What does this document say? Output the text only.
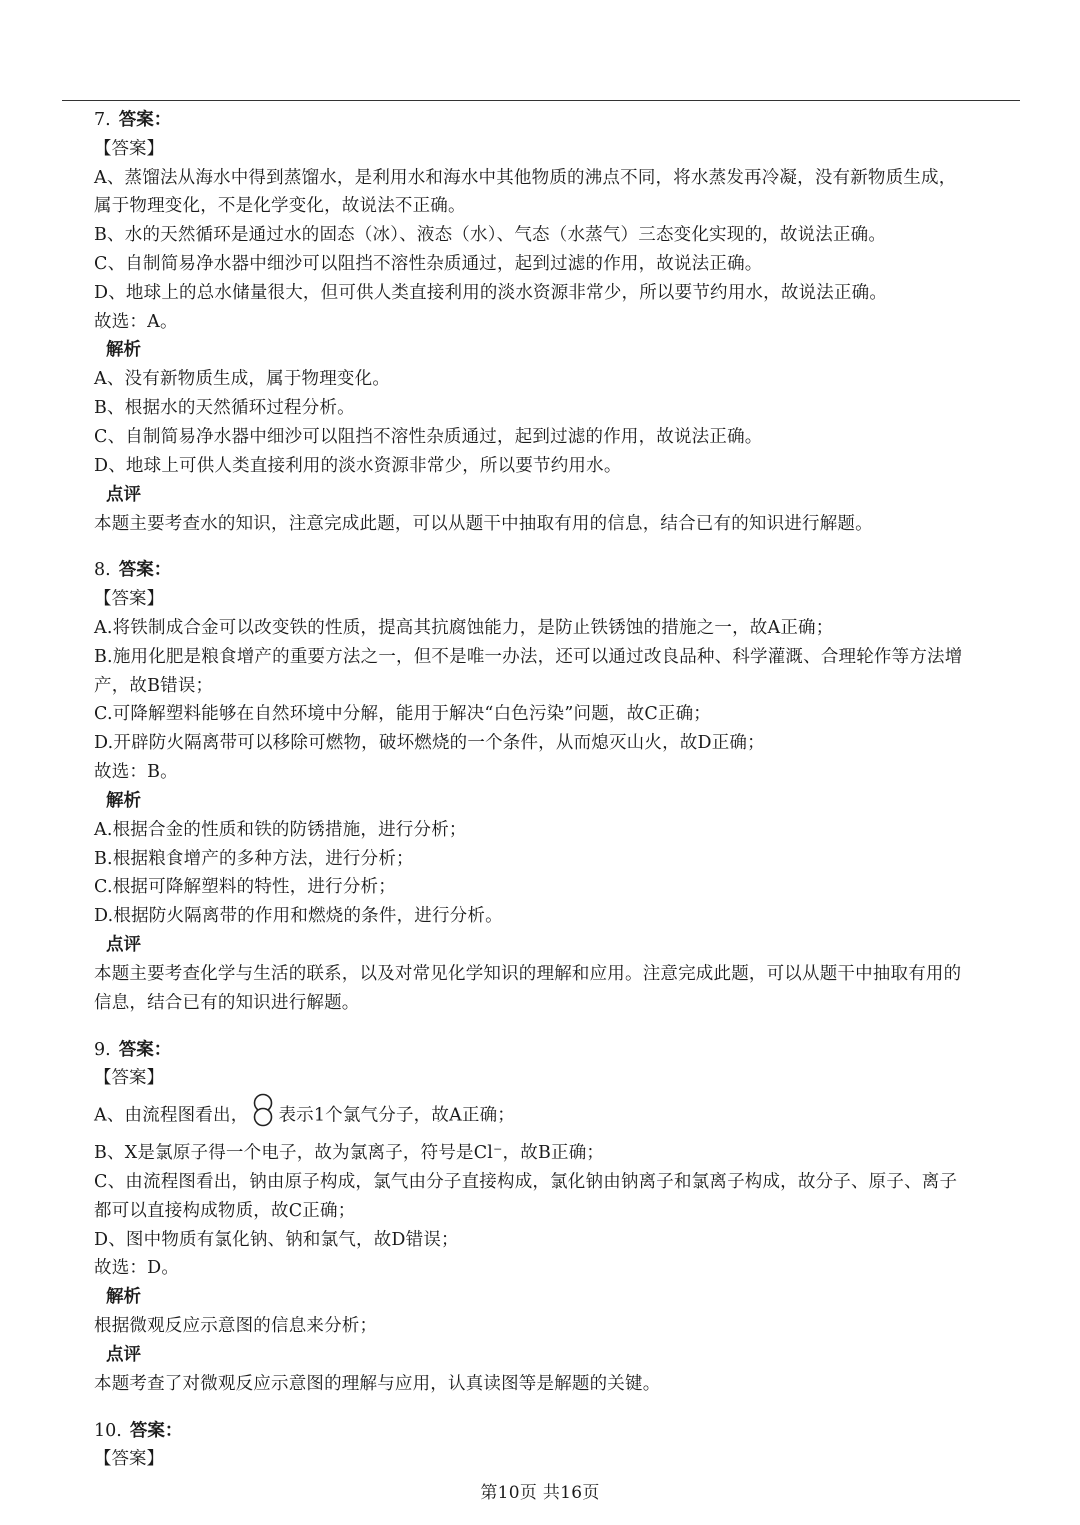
7. 答案：
【答案】
A、蒸馏法从海水中得到蒸馏水，是利用水和海水中其他物质的沸点不同，将水蒸发再冷凝，没有新物质生成，
属于物理变化，不是化学变化，故说法不正确。
B、水的天然循环是通过水的固态（冰）、液态（水）、气态（水蒸气）三态变化实现的，故说法正确。
C、自制简易净水器中细沙可以阻挡不溶性杂质通过，起到过滤的作用，故说法正确。
D、地球上的总水储量很大，但可供人类直接利用的淡水资源非常少，所以要节约用水，故说法正确。
故选：A。
解析
A、没有新物质生成，属于物理变化。
B、根据水的天然循环过程分析。
C、自制简易净水器中细沙可以阻挡不溶性杂质通过，起到过滤的作用，故说法正确。
D、地球上可供人类直接利用的淡水资源非常少，所以要节约用水。
点评
本题主要考查水的知识，注意完成此题，可以从题干中抽取有用的信息，结合已有的知识进行解题。
8. 答案：
【答案】
A.将铁制成合金可以改变铁的性质，提高其抗腐蚀能力，是防止铁锈蚀的措施之一，故A正确；
B.施用化肥是粮食增产的重要方法之一，但不是唯一办法，还可以通过改良品种、科学灌溉、合理轮作等方法增
产，故B错误；
C.可降解塑料能够在自然环境中分解，能用于解决“白色污染”问题，故C正确；
D.开辟防火隔离带可以移除可燃物，破坏燃烧的一个条件，从而熄灭山火，故D正确；
故选：B。
解析
A.根据合金的性质和铁的防锈措施，进行分析；
B.根据粮食增产的多种方法，进行分析；
C.根据可降解塑料的特性，进行分析；
D.根据防火隔离带的作用和燃烧的条件，进行分析。
点评
本题主要考查化学与生活的联系，以及对常见化学知识的理解和应用。注意完成此题，可以从题干中抽取有用的
信息，结合已有的知识进行解题。
9. 答案：
【答案】
A、由流程图看出， 表示1个氯气分子，故A正确；
B、X是氯原子得一个电子，故为氯离子，符号是Cl⁻，故B正确；
C、由流程图看出，钠由原子构成，氯气由分子直接构成，氯化钠由钠离子和氯离子构成，故分子、原子、离子
都可以直接构成物质，故C正确；
D、图中物质有氯化钠、钠和氯气，故D错误；
故选：D。
解析
根据微观反应示意图的信息来分析；
点评
本题考查了对微观反应示意图的理解与应用，认真读图等是解题的关键。
10. 答案：
【答案】
第10页 共16页
